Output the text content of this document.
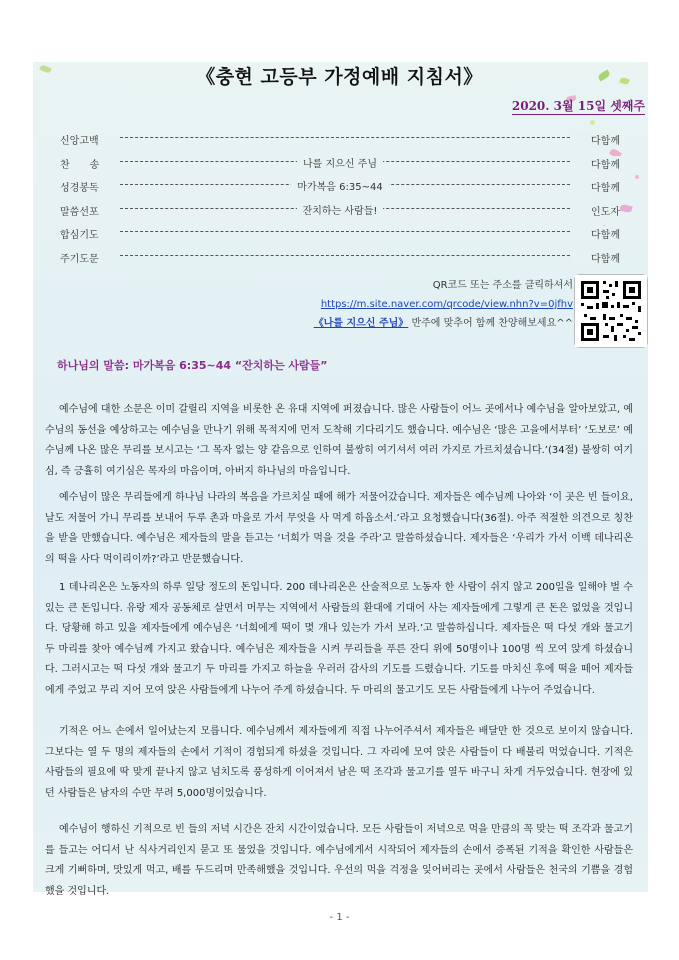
《충현 고등부 가정예배 지침서》
2020. 3월 15일 셋째주
신앙고백	다함께
찬　　송	나를 지으신 주님	다함께
성경봉독	마가복음 6:35~44	다함께
말씀선포	잔치하는 사람들!	인도자
합심기도	다함께
주기도문	다함께
QR코드 또는 주소를 클릭하셔서
https://m.site.naver.com/qrcode/view.nhn?v=0jfhv
《나를 지으신 주님》 반주에 맞추어 함께 찬양해보세요^^
하나님의 말씀: 마가복음 6:35~44 “잔치하는 사람들”

예수님에 대한 소문은 이미 갈릴리 지역을 비롯한 온 유대 지역에 퍼졌습니다. 많은 사람들이 어느 곳에서나 예수님을 알아보았고, 예수님의 동선을 예상하고는 예수님을 만나기 위해 목적지에 먼저 도착해 기다리기도 했습니다. 예수님은 ‘많은 고을에서부터’ ‘도보로’ 예수님께 나온 많은 무리를 보시고는 ‘그 목자 없는 양 같음으로 인하여 불쌍히 여기셔서 여러 가지로 가르치셨습니다.’(34절) 불쌍히 여기심, 즉 긍휼히 여기심은 목자의 마음이며, 아버지 하나님의 마음입니다.

예수님이 많은 무리들에게 하나님 나라의 복음을 가르치실 때에 해가 저물어갔습니다. 제자들은 예수님께 나아와 ‘이 곳은 빈 들이요, 날도 저물어 가니 무리를 보내어 두루 촌과 마을로 가서 무엇을 사 먹게 하옵소서.’라고 요청했습니다(36절). 아주 적절한 의견으로 칭찬을 받을 만했습니다. 예수님은 제자들의 말을 듣고는 ‘너희가 먹을 것을 주라’고 말씀하셨습니다. 제자들은 ‘우리가 가서 이백 데나리온의 떡을 사다 먹이리이까?’라고 반문했습니다.

1 데나리온은 노동자의 하루 일당 정도의 돈입니다. 200 데나리온은 산술적으로 노동자 한 사람이 쉬지 않고 200일을 일해야 벌 수 있는 큰 돈입니다. 유랑 제자 공동체로 살면서 머무는 지역에서 사람들의 환대에 기대어 사는 제자들에게 그렇게 큰 돈은 없었을 것입니다. 당황해 하고 있을 제자들에게 예수님은 ‘너희에게 떡이 몇 개나 있는가 가서 보라.’고 말씀하십니다. 제자들은 떡 다섯 개와 물고기 두 마리를 찾아 예수님께 가지고 왔습니다. 예수님은 제자들을 시켜 무리들을 푸른 잔디 위에 50명이나 100명 씩 모여 앉게 하셨습니다. 그러시고는 떡 다섯 개와 물고기 두 마리를 가지고 하늘을 우러러 감사의 기도를 드렸습니다. 기도를 마치신 후에 떡을 떼어 제자들에게 주었고 무리 지어 모여 앉은 사람들에게 나누어 주게 하셨습니다. 두 마리의 물고기도 모든 사람들에게 나누어 주었습니다.

기적은 어느 손에서 일어났는지 모릅니다. 예수님께서 제자들에게 직접 나누어주셔서 제자들은 배달만 한 것으로 보이지 않습니다. 그보다는 열 두 명의 제자들의 손에서 기적이 경험되게 하셨을 것입니다. 그 자리에 모여 앉은 사람들이 다 배불리 먹었습니다. 기적은 사람들의 필요에 딱 맞게 끝나지 않고 넘치도록 풍성하게 이어져서 남은 떡 조각과 물고기를 열두 바구니 차게 거두었습니다. 현장에 있던 사람들은 남자의 수만 무려 5,000명이었습니다.

예수님이 행하신 기적으로 빈 들의 저녁 시간은 잔치 시간이었습니다. 모든 사람들이 저녁으로 먹을 만큼의 꼭 맞는 떡 조각과 물고기를 들고는 어디서 난 식사거리인지 묻고 또 물었을 것입니다. 예수님에게서 시작되어 제자들의 손에서 증폭된 기적을 확인한 사람들은 크게 기뻐하며, 맛있게 먹고, 배를 두드리며 만족해했을 것입니다. 우선의 먹을 걱정을 잊어버리는 곳에서 사람들은 천국의 기쁨을 경험했을 것입니다.

- 1 -
